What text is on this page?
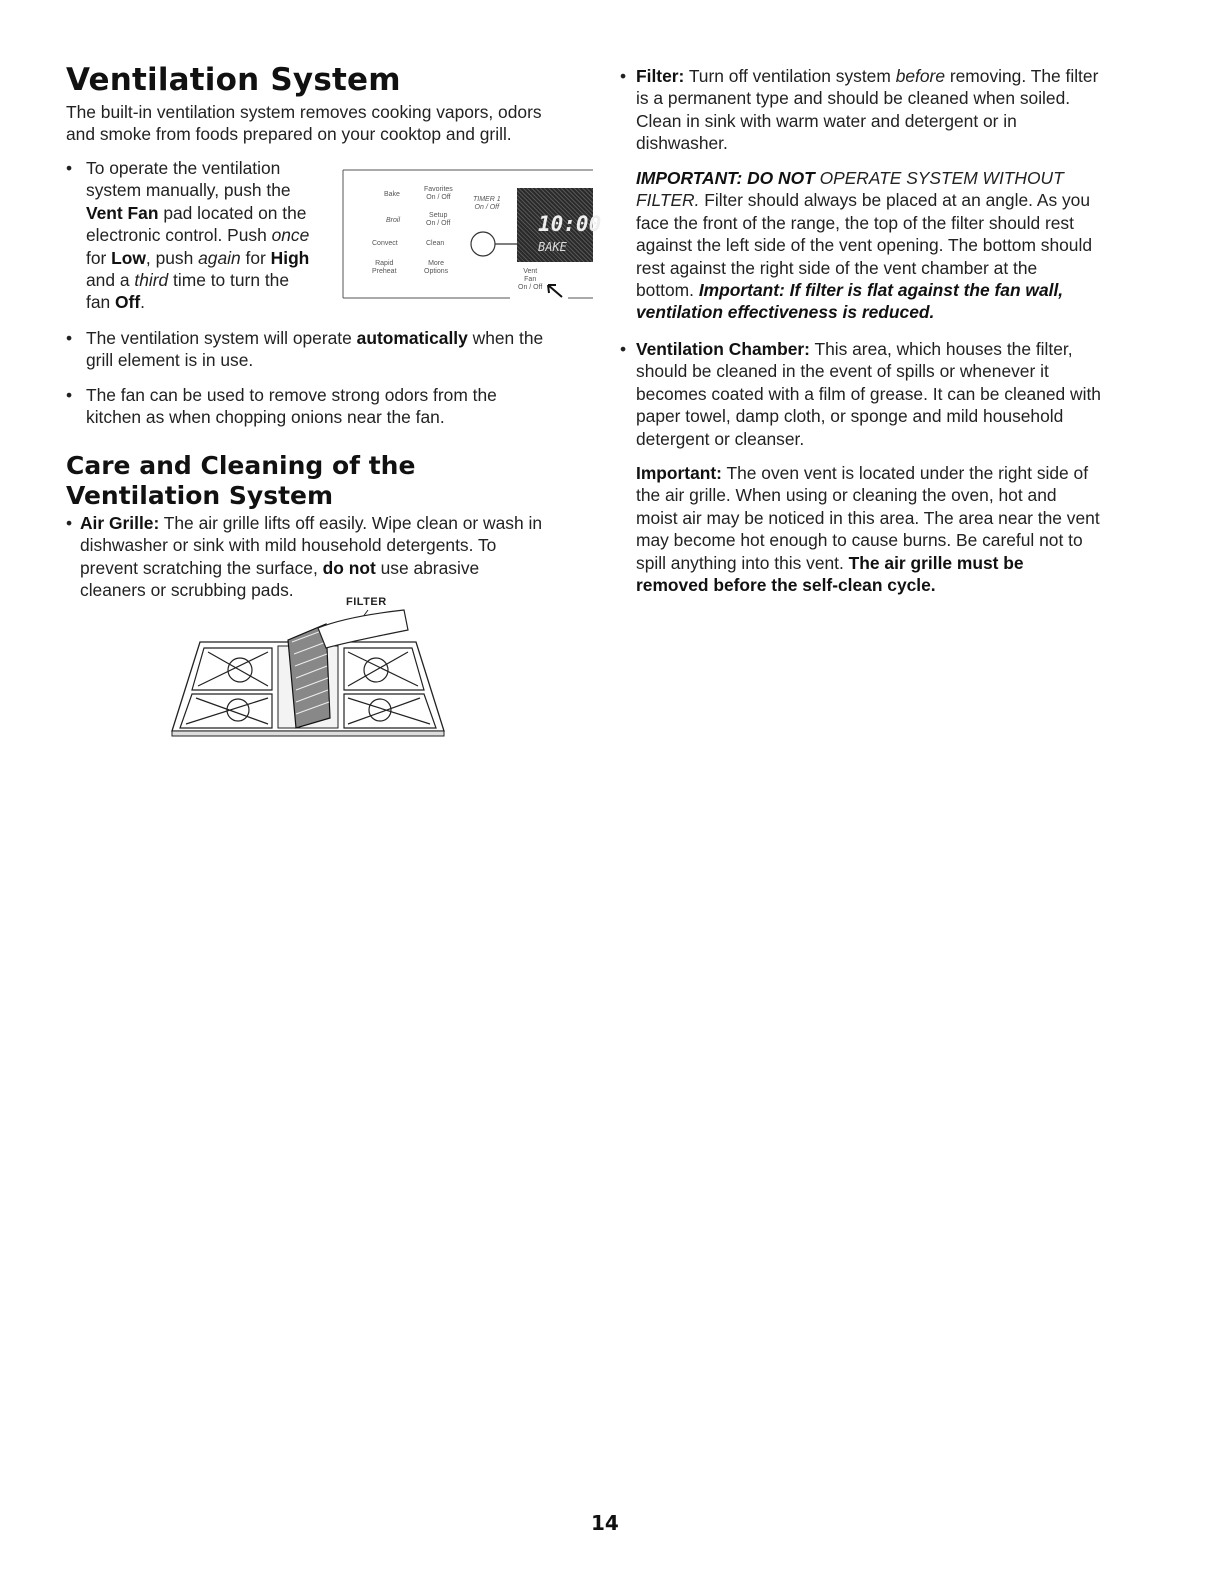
Ventilation System
The built-in ventilation system removes cooking vapors, odors
and smoke from foods prepared on your cooktop and grill.
• To operate the ventilation
system manually, push the
Vent Fan pad located on the
electronic control. Push once
for Low, push again for High
and a third time to turn the
fan Off.
10:00
BAKE
Bake
Favorites
On / Off	TIMER 1
On / Off
Broil
Setup
On / Off
Convect	Clean
Rapid
Preheat
More
Options	Vent
Fan
On / Off
• The ventilation system will operate automatically when the
grill element is in use.
• The fan can be used to remove strong odors from the
kitchen as when chopping onions near the fan.
Care and Cleaning of the
Ventilation System
• Air Grille: The air grille lifts off easily. Wipe clean or wash in
dishwasher or sink with mild household detergents. To
prevent scratching the surface, do not use abrasive
cleaners or scrubbing pads.
FILTER
• Filter: Turn off ventilation system before removing. The filter
is a permanent type and should be cleaned when soiled.
Clean in sink with warm water and detergent or in
dishwasher.
IMPORTANT: DO NOT OPERATE SYSTEM WITHOUT
FILTER. Filter should always be placed at an angle. As you
face the front of the range, the top of the filter should rest
against the left side of the vent opening. The bottom should
rest against the right side of the vent chamber at the
bottom. Important: If filter is flat against the fan wall,
ventilation effectiveness is reduced.
• Ventilation Chamber: This area, which houses the filter,
should be cleaned in the event of spills or whenever it
becomes coated with a film of grease. It can be cleaned with
paper towel, damp cloth, or sponge and mild household
detergent or cleanser.
Important: The oven vent is located under the right side of
the air grille. When using or cleaning the oven, hot and
moist air may be noticed in this area. The area near the vent
may become hot enough to cause burns. Be careful not to
spill anything into this vent. The air grille must be
removed before the self-clean cycle.
14
